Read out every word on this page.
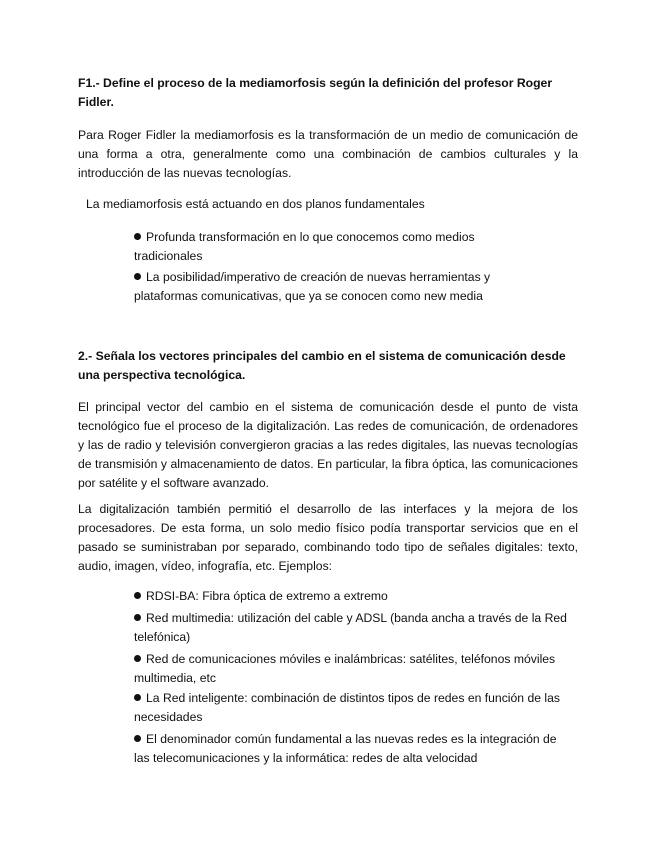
F1.- Define el proceso de la mediamorfosis según la definición del profesor Roger Fidler.

Para Roger Fidler la mediamorfosis es la transformación de un medio de comunicación de una forma a otra, generalmente como una combinación de cambios culturales y la introducción de las nuevas tecnologías.

La mediamorfosis está actuando en dos planos fundamentales

Profunda transformación en lo que conocemos como medios tradicionales

La posibilidad/imperativo de creación de nuevas herramientas y plataformas comunicativas, que ya se conocen como new media

2.- Señala los vectores principales del cambio en el sistema de comunicación desde una perspectiva tecnológica.

El principal vector del cambio en el sistema de comunicación desde el punto de vista tecnológico fue el proceso de la digitalización. Las redes de comunicación, de ordenadores y las de radio y televisión convergieron gracias a las redes digitales, las nuevas tecnologías de transmisión y almacenamiento de datos. En particular, la fibra óptica, las comunicaciones por satélite y el software avanzado.

La digitalización también permitió el desarrollo de las interfaces y la mejora de los procesadores. De esta forma, un solo medio físico podía transportar servicios que en el pasado se suministraban por separado, combinando todo tipo de señales digitales: texto, audio, imagen, vídeo, infografía, etc. Ejemplos:

RDSI-BA: Fibra óptica de extremo a extremo

Red multimedia: utilización del cable y ADSL (banda ancha a través de la Red telefónica)

Red de comunicaciones móviles e inalámbricas: satélites, teléfonos móviles multimedia, etc

La Red inteligente: combinación de distintos tipos de redes en función de las necesidades

El denominador común fundamental a las nuevas redes es la integración de las telecomunicaciones y la informática: redes de alta velocidad
